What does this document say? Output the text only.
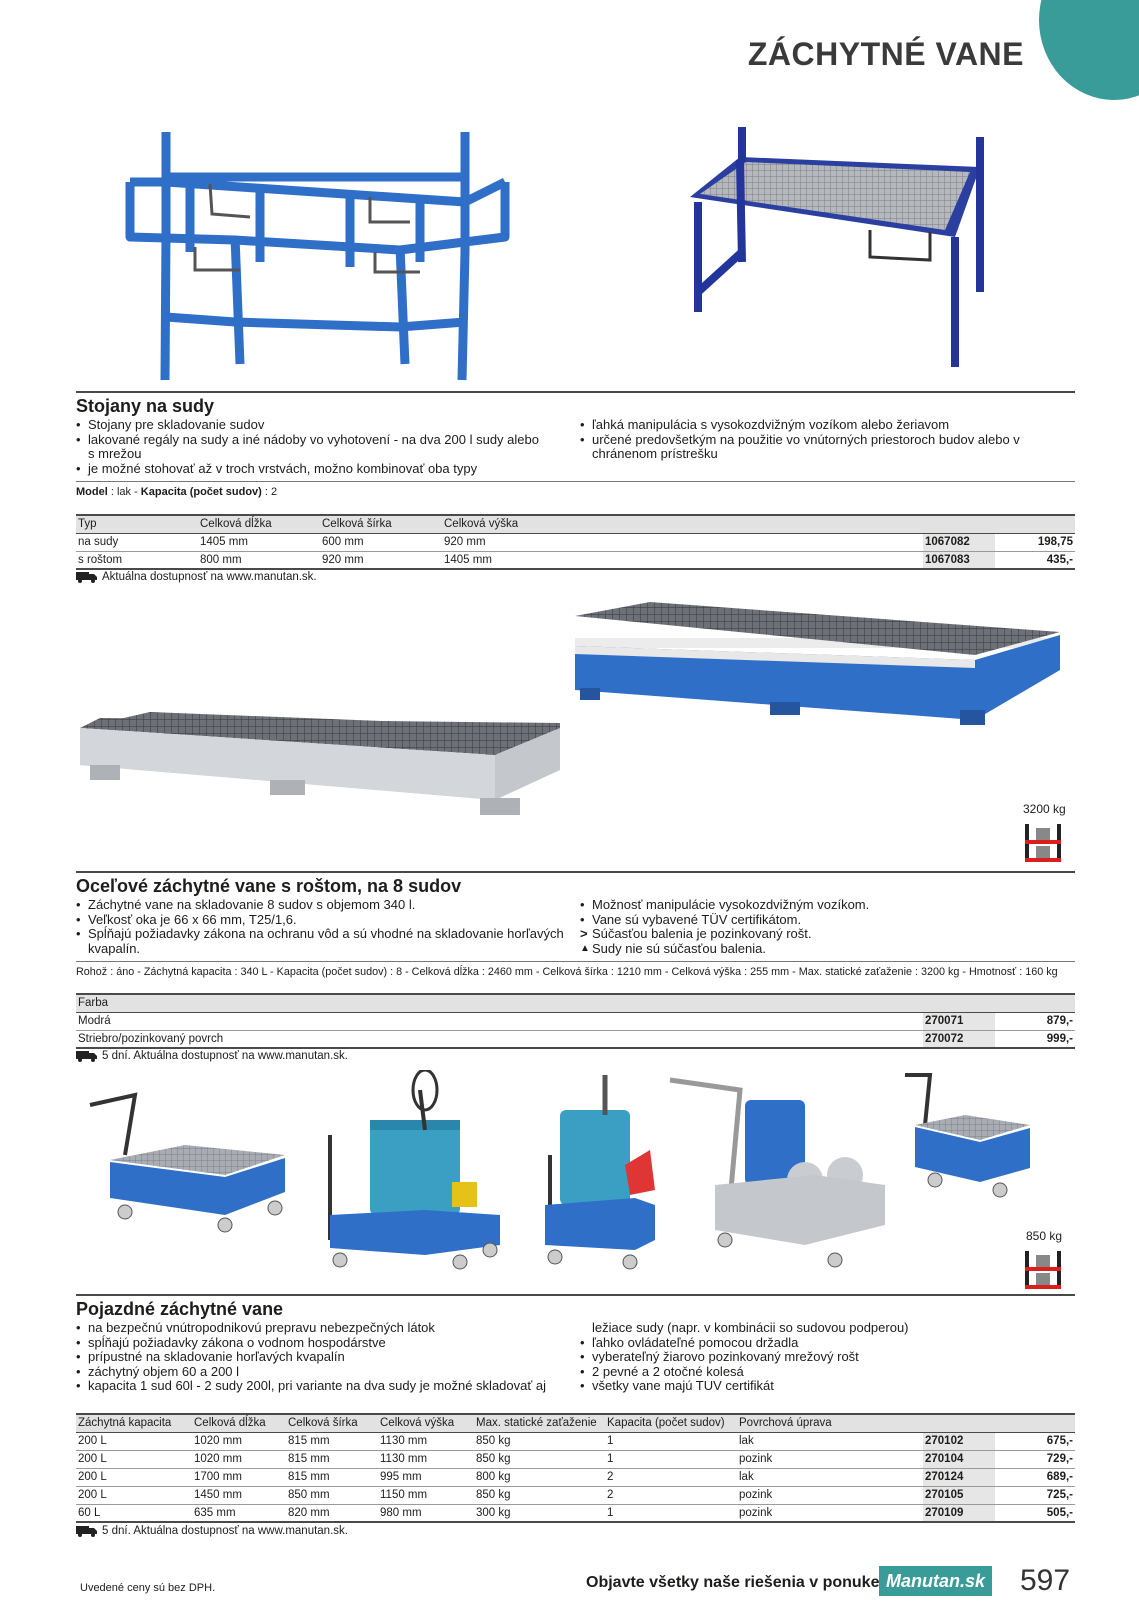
ZÁCHYTNÉ VANE
Stojany na sudy
• Stojany pre skladovanie sudov
• lakované regály na sudy a iné nádoby vo vyhotovení - na dva 200 l sudy alebo s mrežou
• je možné stohovať až v troch vrstvách, možno kombinovať oba typy
• ľahká manipulácia s vysokozdvižným vozíkom alebo žeriavom
• určené predovšetkým na použitie vo vnútorných priestoroch budov alebo v chránenom prístrešku
Model : lak - Kapacita (počet sudov) : 2
Typ	Celková dĺžka	Celková šírka	Celková výška		
na sudy	1405 mm	600 mm	920 mm	1067082	198,75
s roštom	800 mm	920 mm	1405 mm	1067083	435,-
Aktuálna dostupnosť na www.manutan.sk.
3200 kg
Oceľové záchytné vane s roštom, na 8 sudov
• Záchytné vane na skladovanie 8 sudov s objemom 340 l.
• Veľkosť oka je 66 x 66 mm, T25/1,6.
• Spĺňajú požiadavky zákona na ochranu vôd a sú vhodné na skladovanie horľavých kvapalín.
• Možnosť manipulácie vysokozdvižným vozíkom.
• Vane sú vybavené TÜV certifikátom.
> Súčasťou balenia je pozinkovaný rošt.
▲ Sudy nie sú súčasťou balenia.
Rohož : áno - Záchytná kapacita : 340 L - Kapacita (počet sudov) : 8 - Celková dĺžka : 2460 mm - Celková šírka : 1210 mm - Celková výška : 255 mm - Max. statické zaťaženie : 3200 kg - Hmotnosť : 160 kg
Farba		
Modrá	270071	879,-
Striebro/pozinkovaný povrch	270072	999,-
5 dní. Aktuálna dostupnosť na www.manutan.sk.
850 kg
Pojazdné záchytné vane
• na bezpečnú vnútropodnikovú prepravu nebezpečných látok
• spĺňajú požiadavky zákona o vodnom hospodárstve
• prípustné na skladovanie horľavých kvapalín
• záchytný objem 60 a 200 l
• kapacita 1 sud 60l - 2 sudy 200l, pri variante na dva sudy je možné skladovať aj
ležiace sudy (napr. v kombinácii so sudovou podperou)
• ľahko ovládateľné pomocou držadla
• vyberateľný žiarovo pozinkovaný mrežový rošt
• 2 pevné a 2 otočné kolesá
• všetky vane majú TUV certifikát
Záchytná kapacita	Celková dĺžka	Celková šírka	Celková výška	Max. statické zaťaženie	Kapacita (počet sudov)	Povrchová úprava		
200 L	1020 mm	815 mm	1130 mm	850 kg	1	lak	270102	675,-
200 L	1020 mm	815 mm	1130 mm	850 kg	1	pozink	270104	729,-
200 L	1700 mm	815 mm	995 mm	800 kg	2	lak	270124	689,-
200 L	1450 mm	850 mm	1150 mm	850 kg	2	pozink	270105	725,-
60 L	635 mm	820 mm	980 mm	300 kg	1	pozink	270109	505,-
5 dní. Aktuálna dostupnosť na www.manutan.sk.
Uvedené ceny sú bez DPH.	Objavte všetky naše riešenia v ponuke Manutan.sk 597
